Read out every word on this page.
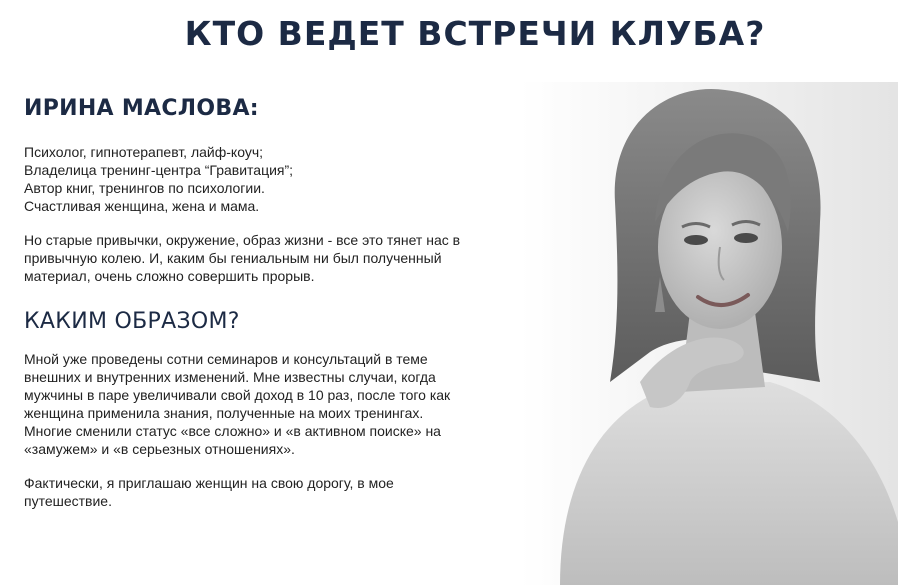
КТО ВЕДЕТ ВСТРЕЧИ КЛУБА?
ИРИНА МАСЛОВА:
Психолог, гипнотерапевт, лайф-коуч;
Владелица тренинг-центра “Гравитация”;
Автор книг, тренингов по психологии.
Счастливая женщина, жена и мама.

Но старые привычки, окружение, образ жизни - все это тянет нас в привычную колею. И, каким бы гениальным ни был полученный материал, очень сложно совершить прорыв.

КАКИМ ОБРАЗОМ?

Мной уже проведены сотни семинаров и консультаций в теме внешних и внутренних изменений. Мне известны случаи, когда мужчины в паре увеличивали свой доход в 10 раз, после того как женщина применила знания, полученные на моих тренингах. Многие сменили статус «все сложно» и «в активном поиске» на «замужем» и «в серьезных отношениях».

Фактически, я приглашаю женщин на свою дорогу, в мое путешествие.
